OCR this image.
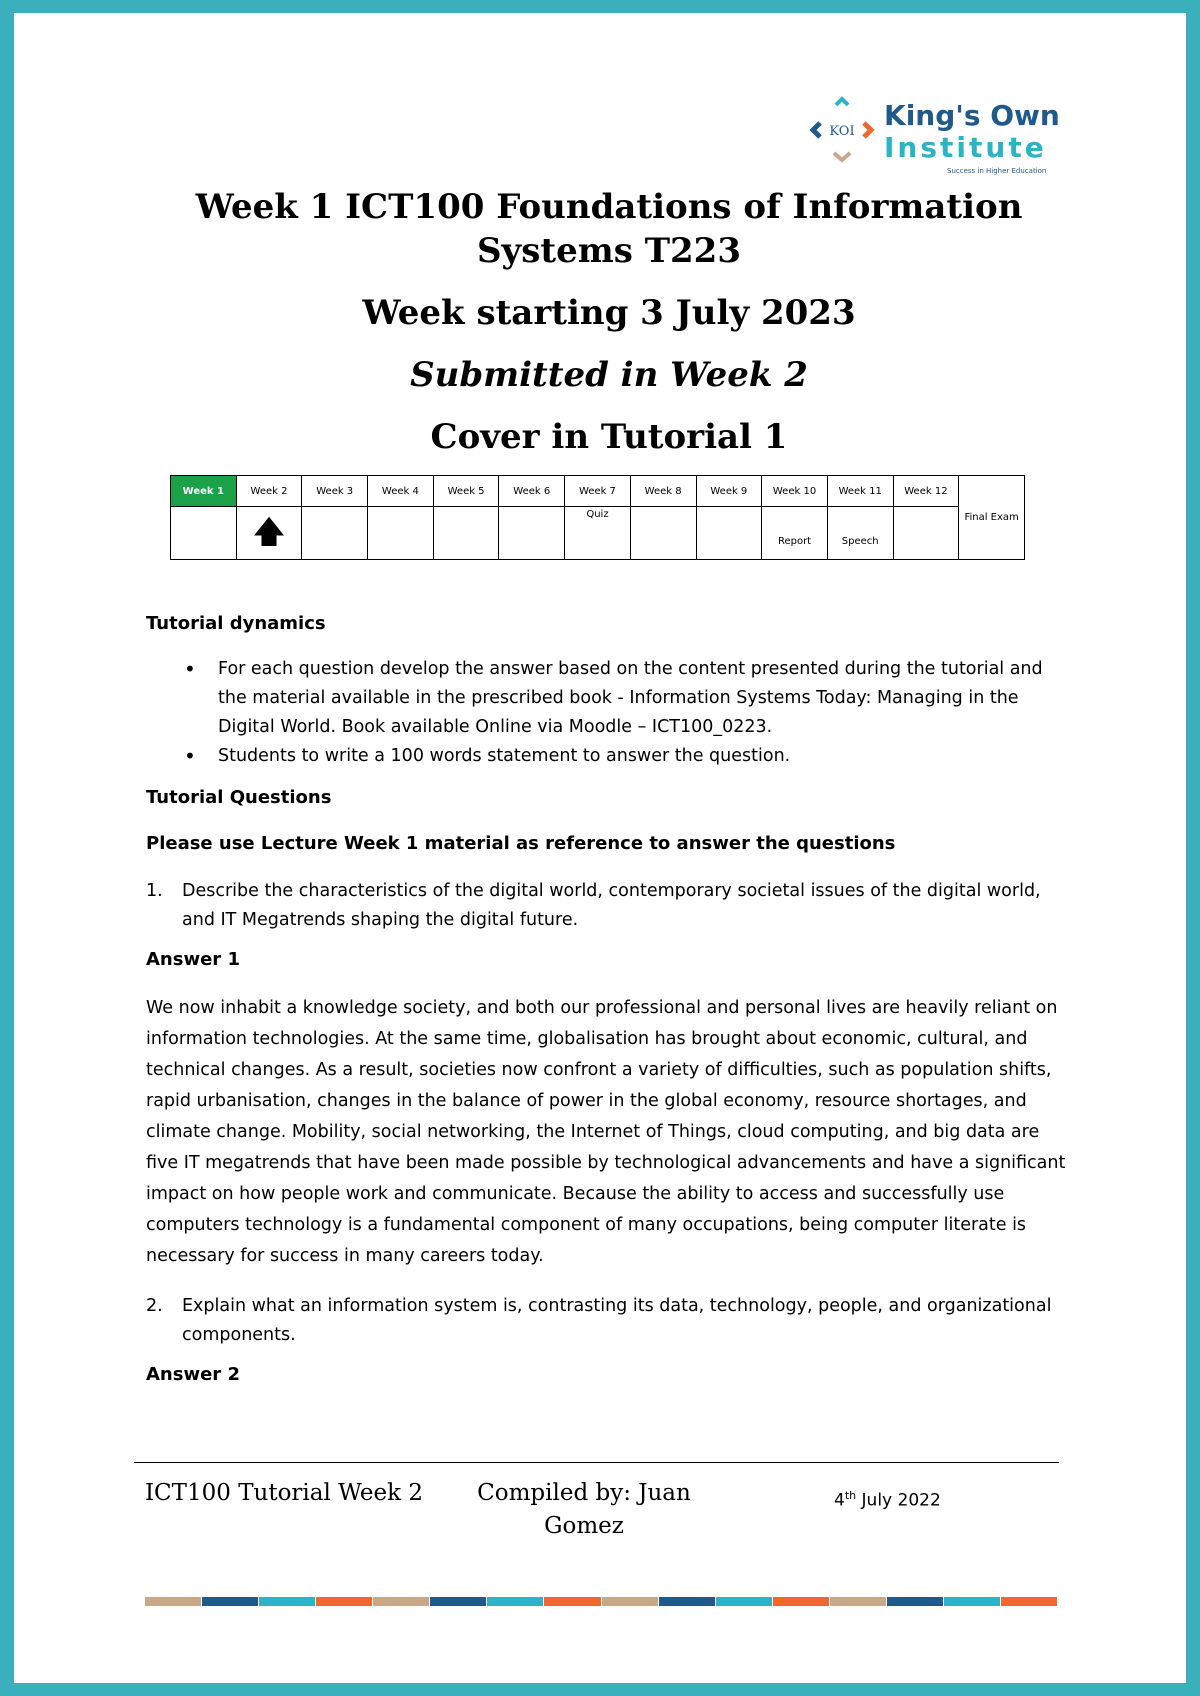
KOI King's Own
Institute
Success in Higher Education

Week 1 ICT100 Foundations of Information Systems T223

Week starting 3 July 2023

Submitted in Week 2

Cover in Tutorial 1

Week 1	Week 2	Week 3	Week 4	Week 5	Week 6	Week 7	Week 8	Week 9	Week 10	Week 11	Week 12	Final Exam
	🡅					Quiz			Report	Speech		

Tutorial dynamics

• For each question develop the answer based on the content presented during the tutorial and the material available in the prescribed book - Information Systems Today: Managing in the Digital World. Book available Online via Moodle – ICT100_0223.
• Students to write a 100 words statement to answer the question.

Tutorial Questions

Please use Lecture Week 1 material as reference to answer the questions

1. Describe the characteristics of the digital world, contemporary societal issues of the digital world, and IT Megatrends shaping the digital future.

Answer 1

We now inhabit a knowledge society, and both our professional and personal lives are heavily reliant on information technologies. At the same time, globalisation has brought about economic, cultural, and technical changes. As a result, societies now confront a variety of difficulties, such as population shifts, rapid urbanisation, changes in the balance of power in the global economy, resource shortages, and climate change. Mobility, social networking, the Internet of Things, cloud computing, and big data are five IT megatrends that have been made possible by technological advancements and have a significant impact on how people work and communicate. Because the ability to access and successfully use computers technology is a fundamental component of many occupations, being computer literate is necessary for success in many careers today.

2. Explain what an information system is, contrasting its data, technology, people, and organizational components.

Answer 2

ICT100 Tutorial Week 2	Compiled by: Juan Gomez
4th July 2022
